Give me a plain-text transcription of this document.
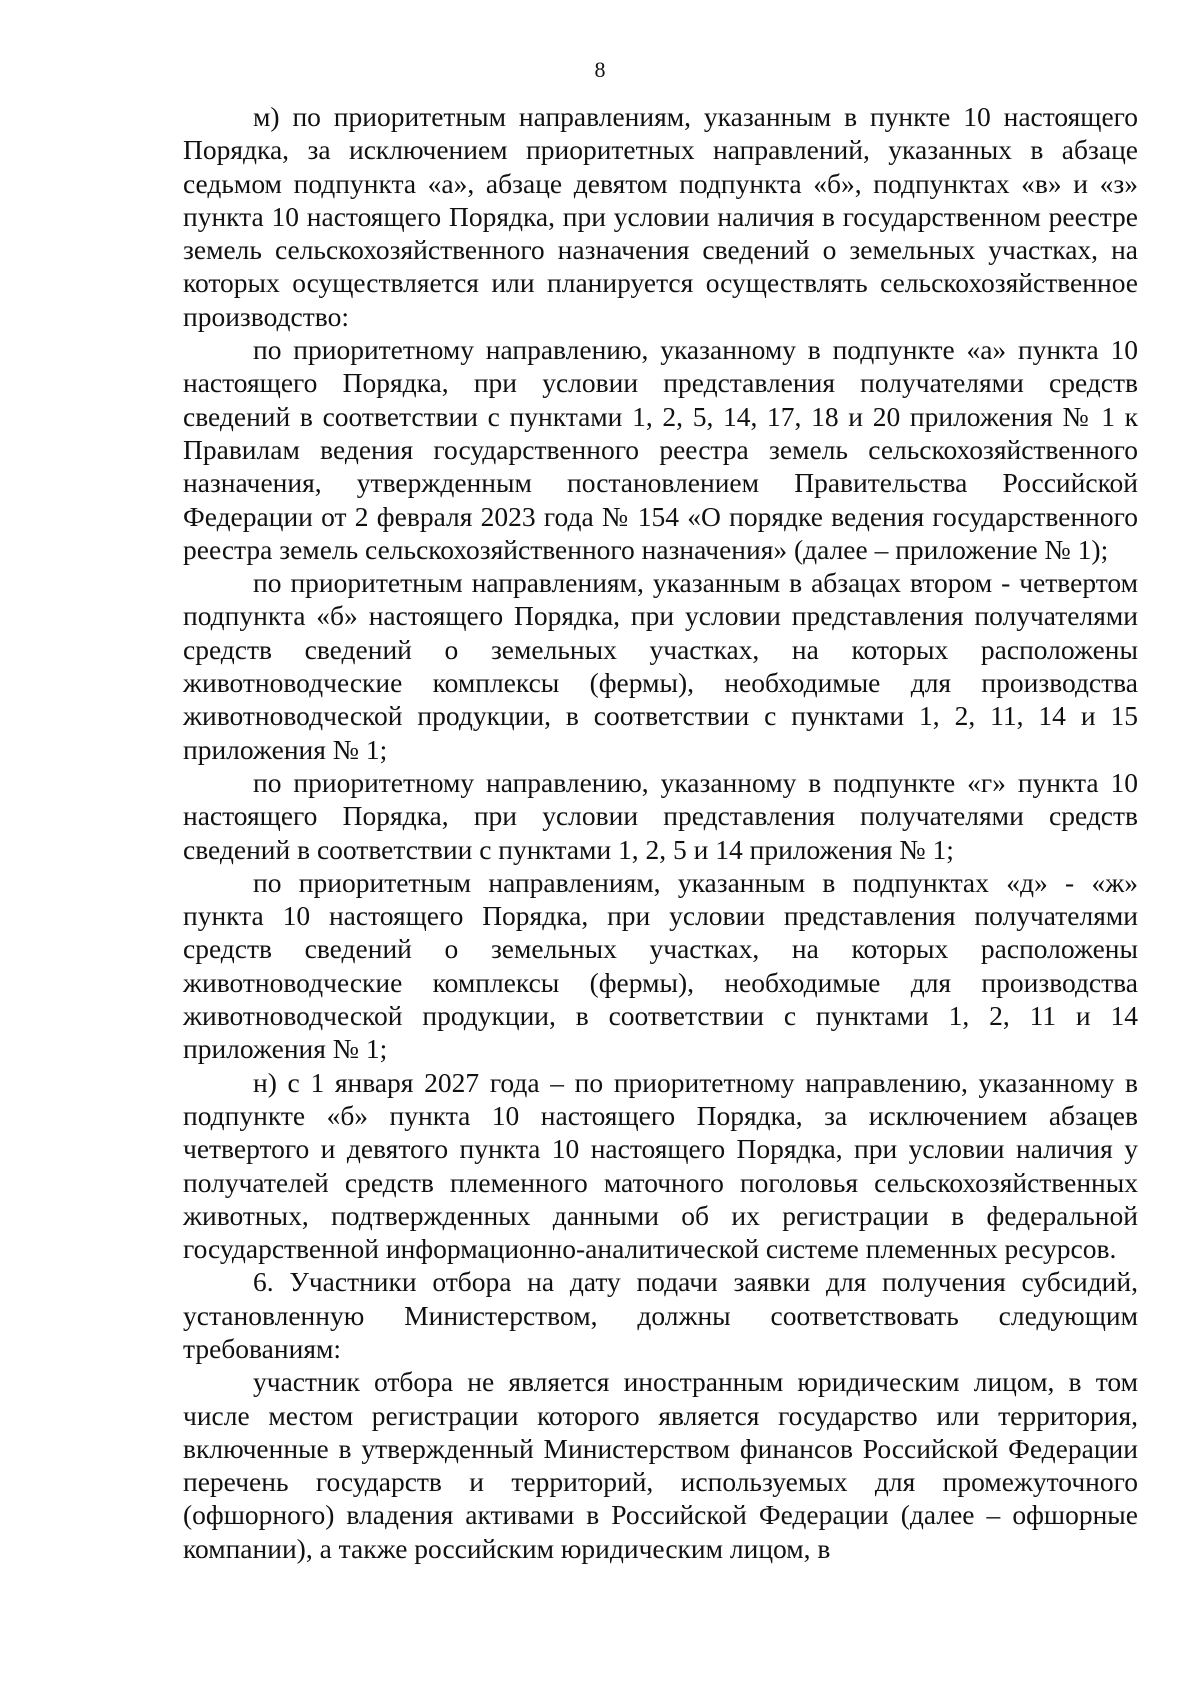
8

м) по приоритетным направлениям, указанным в пункте 10 настоящего Порядка, за исключением приоритетных направлений, указанных в абзаце седьмом подпункта «а», абзаце девятом подпункта «б», подпунктах «в» и «з» пункта 10 настоящего Порядка, при условии наличия в государственном реестре земель сельскохозяйственного назначения сведений о земельных участках, на которых осуществляется или планируется осуществлять сельскохозяйственное производство:

по приоритетному направлению, указанному в подпункте «а» пункта 10 настоящего Порядка, при условии представления получателями средств сведений в соответствии с пунктами 1, 2, 5, 14, 17, 18 и 20 приложения № 1 к Правилам ведения государственного реестра земель сельскохозяйственного назначения, утвержденным постановлением Правительства Российской Федерации от 2 февраля 2023 года № 154 «О порядке ведения государственного реестра земель сельскохозяйственного назначения» (далее – приложение № 1);

по приоритетным направлениям, указанным в абзацах втором - четвертом подпункта «б» настоящего Порядка, при условии представления получателями средств сведений о земельных участках, на которых расположены животноводческие комплексы (фермы), необходимые для производства животноводческой продукции, в соответствии с пунктами 1, 2, 11, 14 и 15 приложения № 1;

по приоритетному направлению, указанному в подпункте «г» пункта 10 настоящего Порядка, при условии представления получателями средств сведений в соответствии с пунктами 1, 2, 5 и 14 приложения № 1;

по приоритетным направлениям, указанным в подпунктах «д» - «ж» пункта 10 настоящего Порядка, при условии представления получателями средств сведений о земельных участках, на которых расположены животноводческие комплексы (фермы), необходимые для производства животноводческой продукции, в соответствии с пунктами 1, 2, 11 и 14 приложения № 1;

н) с 1 января 2027 года – по приоритетному направлению, указанному в подпункте «б» пункта 10 настоящего Порядка, за исключением абзацев четвертого и девятого пункта 10 настоящего Порядка, при условии наличия у получателей средств племенного маточного поголовья сельскохозяйственных животных, подтвержденных данными об их регистрации в федеральной государственной информационно-аналитической системе племенных ресурсов.

6. Участники отбора на дату подачи заявки для получения субсидий, установленную Министерством, должны соответствовать следующим требованиям:

участник отбора не является иностранным юридическим лицом, в том числе местом регистрации которого является государство или территория, включенные в утвержденный Министерством финансов Российской Федерации перечень государств и территорий, используемых для промежуточного (офшорного) владения активами в Российской Федерации (далее – офшорные компании), а также российским юридическим лицом, в
